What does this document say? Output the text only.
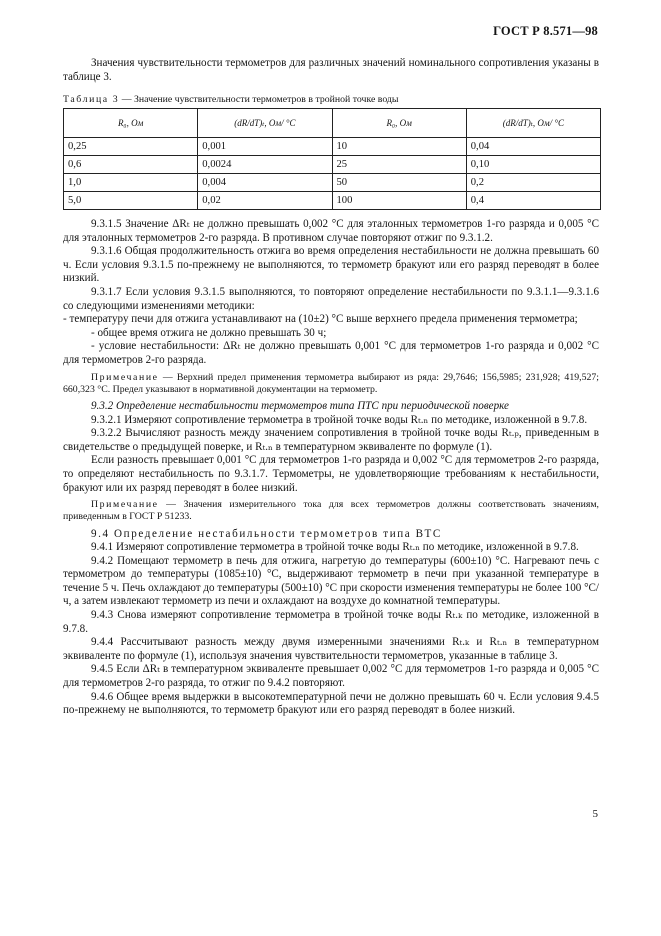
ГОСТ Р 8.571—98

Значения чувствительности термометров для различных значений номинального сопротивления указаны в таблице 3.

Таблица 3 — Значение чувствительности термометров в тройной точке воды
R₀, Ом	(dR/dT)ₜ, Ом/ °С	R₀, Ом	(dR/dT)ₜ, Ом/ °С
0,25	0,001	10	0,04
0,6	0,0024	25	0,10
1,0	0,004	50	0,2
5,0	0,02	100	0,4

9.3.1.5 Значение ΔRₜ не должно превышать 0,002 °С для эталонных термометров 1-го разряда и 0,005 °С для эталонных термометров 2-го разряда. В противном случае повторяют отжиг по 9.3.1.2.

9.3.1.6 Общая продолжительность отжига во время определения нестабильности не должна превышать 60 ч. Если условия 9.3.1.5 по-прежнему не выполняются, то термометр бракуют или его разряд переводят в более низкий.

9.3.1.7 Если условия 9.3.1.5 выполняются, то повторяют определение нестабильности по 9.3.1.1—9.3.1.6 со следующими изменениями методики:

- температуру печи для отжига устанавливают на (10±2) °С выше верхнего предела применения термометра;

- общее время отжига не должно превышать 30 ч;

- условие нестабильности: ΔRₜ не должно превышать 0,001 °С для термометров 1-го разряда и 0,002 °С для термометров 2-го разряда.

Примечание — Верхний предел применения термометра выбирают из ряда: 29,7646; 156,5985; 231,928; 419,527; 660,323 °С. Предел указывают в нормативной документации на термометр.

9.3.2 Определение нестабильности термометров типа ПТС при периодической поверке

9.3.2.1 Измеряют сопротивление термометра в тройной точке воды Rₜ.ₙ по методике, изложенной в 9.7.8.

9.3.2.2 Вычисляют разность между значением сопротивления в тройной точке воды Rₜ.ₚ, приведенным в свидетельстве о предыдущей поверке, и Rₜ.ₙ в температурном эквиваленте по формуле (1).

Если разность превышает 0,001 °С для термометров 1-го разряда и 0,002 °С для термометров 2-го разряда, то определяют нестабильность по 9.3.1.7. Термометры, не удовлетворяющие требованиям к нестабильности, бракуют или их разряд переводят в более низкий.

Примечание — Значения измерительного тока для всех термометров должны соответствовать значениям, приведенным в ГОСТ Р 51233.

9.4 Определение нестабильности термометров типа ВТС

9.4.1 Измеряют сопротивление термометра в тройной точке воды Rₜ.ₙ по методике, изложенной в 9.7.8.

9.4.2 Помещают термометр в печь для отжига, нагретую до температуры (600±10) °С. Нагревают печь с термометром до температуры (1085±10) °С, выдерживают термометр в печи при указанной температуре в течение 5 ч. Печь охлаждают до температуры (500±10) °С при скорости изменения температуры не более 100 °С/ч, а затем извлекают термометр из печи и охлаждают на воздухе до комнатной температуры.

9.4.3 Снова измеряют сопротивление термометра в тройной точке воды Rₜ.ₖ по методике, изложенной в 9.7.8.

9.4.4 Рассчитывают разность между двумя измеренными значениями Rₜ.ₖ и Rₜ.ₙ в температурном эквиваленте по формуле (1), используя значения чувствительности термометров, указанные в таблице 3.

9.4.5 Если ΔRₜ в температурном эквиваленте превышает 0,002 °С для термометров 1-го разряда и 0,005 °С для термометров 2-го разряда, то отжиг по 9.4.2 повторяют.

9.4.6 Общее время выдержки в высокотемпературной печи не должно превышать 60 ч. Если условия 9.4.5 по-прежнему не выполняются, то термометр бракуют или его разряд переводят в более низкий.

5
